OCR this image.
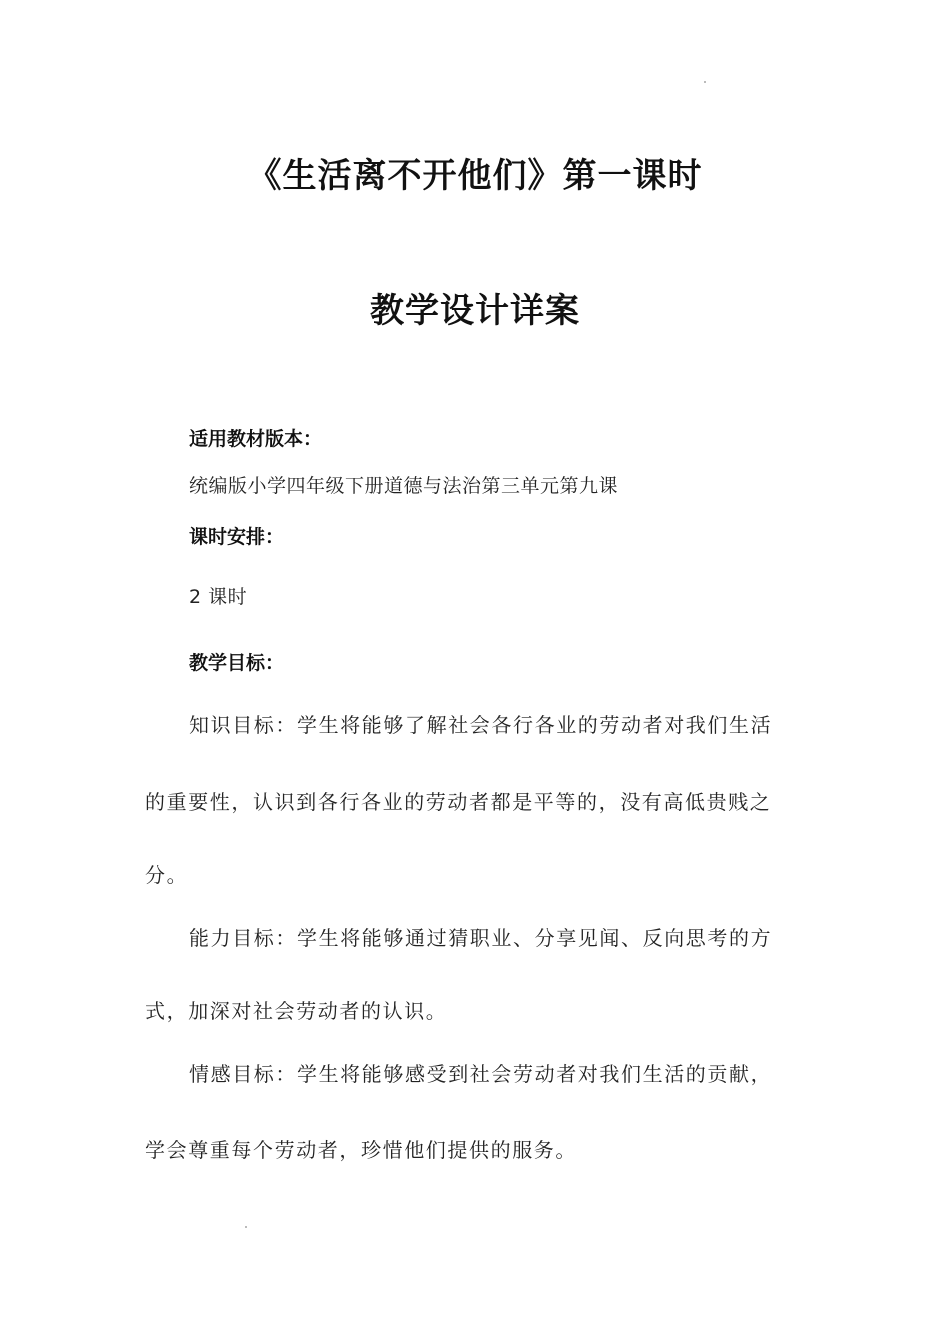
《生活离不开他们》第一课时
教学设计详案
适用教材版本：
统编版小学四年级下册道德与法治第三单元第九课
课时安排：
2 课时
教学目标：
知识目标：学生将能够了解社会各行各业的劳动者对我们生活
的重要性，认识到各行各业的劳动者都是平等的，没有高低贵贱之
分。
能力目标：学生将能够通过猜职业、分享见闻、反向思考的方
式，加深对社会劳动者的认识。
情感目标：学生将能够感受到社会劳动者对我们生活的贡献，
学会尊重每个劳动者，珍惜他们提供的服务。
